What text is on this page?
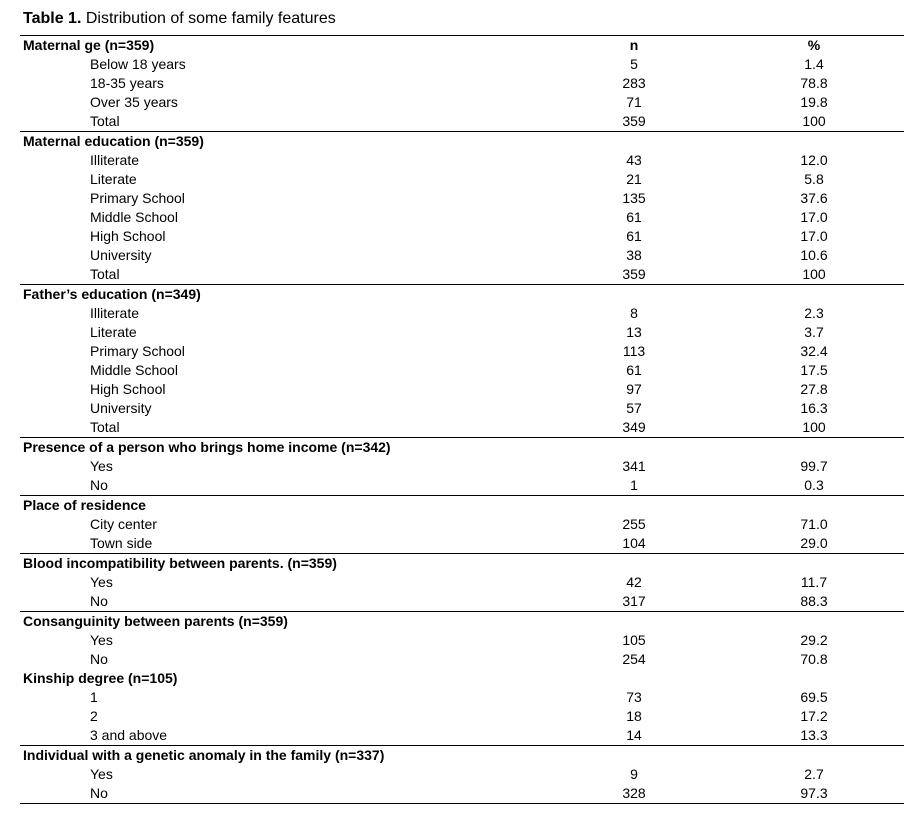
Table 1. Distribution of some family features
Maternal ge (n=359)	n	%
Below 18 years	5	1.4
18-35 years	283	78.8
Over 35 years	71	19.8
Total	359	100
Maternal education (n=359)		
Illiterate	43	12.0
Literate	21	5.8
Primary School	135	37.6
Middle School	61	17.0
High School	61	17.0
University	38	10.6
Total	359	100
Father’s education (n=349)		
Illiterate	8	2.3
Literate	13	3.7
Primary School	113	32.4
Middle School	61	17.5
High School	97	27.8
University	57	16.3
Total	349	100
Presence of a person who brings home income (n=342)		
Yes	341	99.7
No	1	0.3
Place of residence		
City center	255	71.0
Town side	104	29.0
Blood incompatibility between parents. (n=359)		
Yes	42	11.7
No	317	88.3
Consanguinity between parents (n=359)		
Yes	105	29.2
No	254	70.8
Kinship degree (n=105)		
1	73	69.5
2	18	17.2
3 and above	14	13.3
Individual with a genetic anomaly in the family (n=337)		
Yes	9	2.7
No	328	97.3
